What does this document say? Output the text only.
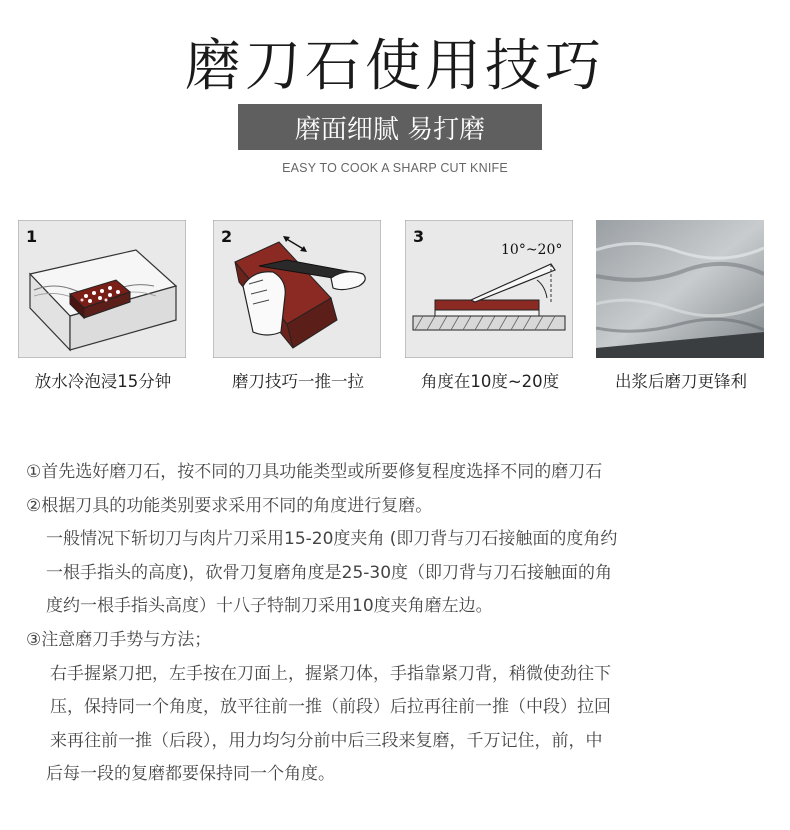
磨刀石使用技巧
磨面细腻 易打磨
EASY TO COOK A SHARP CUT KNIFE
1
放水冷泡浸15分钟
2
磨刀技巧一推一拉
3
10°~20°
角度在10度~20度	出浆后磨刀更锋利

①首先选好磨刀石，按不同的刀具功能类型或所要修复程度选择不同的磨刀石

②根据刀具的功能类别要求采用不同的角度进行复磨。

一般情况下斩切刀与肉片刀采用15-20度夹角 (即刀背与刀石接触面的度角约

一根手指头的高度)，砍骨刀复磨角度是25-30度（即刀背与刀石接触面的角

度约一根手指头高度）十八子特制刀采用10度夹角磨左边。

③注意磨刀手势与方法；

右手握紧刀把，左手按在刀面上，握紧刀体，手指靠紧刀背，稍微使劲往下

压，保持同一个角度，放平往前一推（前段）后拉再往前一推（中段）拉回

来再往前一推（后段），用力均匀分前中后三段来复磨，千万记住，前，中

后每一段的复磨都要保持同一个角度。
